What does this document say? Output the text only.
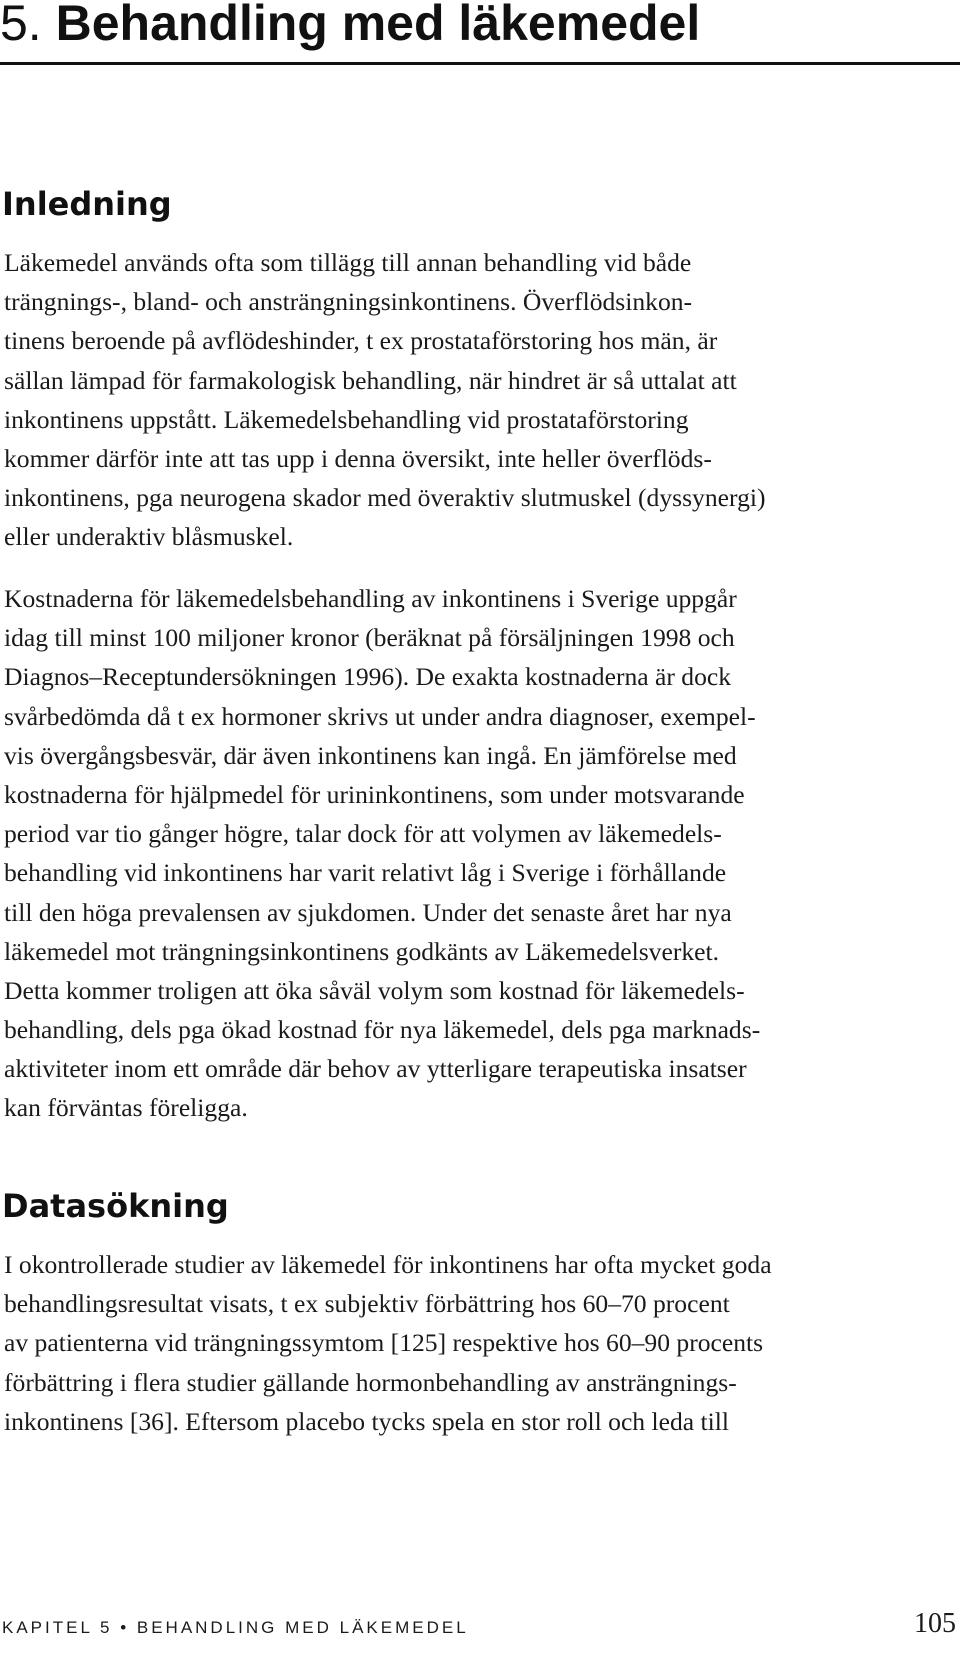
5. Behandling med läkemedel
Inledning
Läkemedel används ofta som tillägg till annan behandling vid både
trängnings-, bland- och ansträngningsinkontinens. Överflödsinkon-
tinens beroende på avflödeshinder, t ex prostataförstoring hos män, är
sällan lämpad för farmakologisk behandling, när hindret är så uttalat att
inkontinens uppstått. Läkemedelsbehandling vid prostataförstoring
kommer därför inte att tas upp i denna översikt, inte heller överflöds-
inkontinens, pga neurogena skador med överaktiv slutmuskel (dyssynergi)
eller underaktiv blåsmuskel.
Kostnaderna för läkemedelsbehandling av inkontinens i Sverige uppgår
idag till minst 100 miljoner kronor (beräknat på försäljningen 1998 och
Diagnos–Receptundersökningen 1996). De exakta kostnaderna är dock
svårbedömda då t ex hormoner skrivs ut under andra diagnoser, exempel-
vis övergångsbesvär, där även inkontinens kan ingå. En jämförelse med
kostnaderna för hjälpmedel för urininkontinens, som under motsvarande
period var tio gånger högre, talar dock för att volymen av läkemedels-
behandling vid inkontinens har varit relativt låg i Sverige i förhållande
till den höga prevalensen av sjukdomen. Under det senaste året har nya
läkemedel mot trängningsinkontinens godkänts av Läkemedelsverket.
Detta kommer troligen att öka såväl volym som kostnad för läkemedels-
behandling, dels pga ökad kostnad för nya läkemedel, dels pga marknads-
aktiviteter inom ett område där behov av ytterligare terapeutiska insatser
kan förväntas föreligga.
Datasökning
I okontrollerade studier av läkemedel för inkontinens har ofta mycket goda
behandlingsresultat visats, t ex subjektiv förbättring hos 60–70 procent
av patienterna vid trängningssymtom [125] respektive hos 60–90 procents
förbättring i flera studier gällande hormonbehandling av ansträngnings-
inkontinens [36]. Eftersom placebo tycks spela en stor roll och leda till
KAPITEL 5 • BEHANDLING MED LÄKEMEDEL	105
